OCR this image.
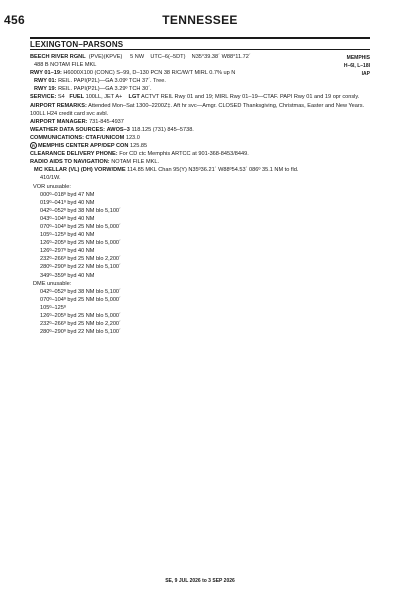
456	TENNESSEE
LEXINGTON–PARSONS
MEMPHIS
H–6I, L–18I
IAP
BEECH RIVER RGNL (PVE)(KPVE) 5 NW UTC–6(–5DT) N35°39.38´ W88°11.72´
488 B NOTAM FILE MKL
RWY 01–19: H6000X100 (CONC) S–99, D–130 PCN 38 R/C/W/T MIRL 0.7% up N
RWY 01: REIL. PAPI(P2L)—GA 3.09º TCH 37´. Tree.
RWY 19: REIL. PAPI(P2L)—GA 3.29º TCH 30´.
SERVICE: S4 FUEL 100LL, JET A+ LGT ACTVT REIL Rwy 01 and 19; MIRL Rwy 01–19—CTAF. PAPI Rwy 01 and 19 opr consly.
AIRPORT REMARKS: Attended Mon–Sat 1300–2200Z‡. Aft hr svc—Amgr. CLOSED Thanksgiving, Christmas, Easter and New Years. 100LL H24 credit card svc avbl.
AIRPORT MANAGER: 731-845-4937
WEATHER DATA SOURCES: AWOS–3 118.125 (731) 845–5738.
COMMUNICATIONS: CTAF/UNICOM 123.0
R MEMPHIS CENTER APP/DEP CON 125.85
CLEARANCE DELIVERY PHONE: For CD ctc Memphis ARTCC at 901-368-8453/8449.
RADIO AIDS TO NAVIGATION: NOTAM FILE MKL.
MC KELLAR (VL) (DH) VORW/DME 114.85 MKL Chan 95(Y) N35º36.21´ W88º54.53´ 086º 35.1 NM to fld.
410/1W.
VOR unusable:
000º–018º byd 47 NM
019º–041º byd 40 NM
042º–052º byd 38 NM blo 5,100´
043º–104º byd 40 NM
070º–104º byd 25 NM blo 5,000´
105º–125º byd 40 NM
126º–205º byd 25 NM blo 5,000´
126º–297º byd 40 NM
232º–266º byd 25 NM blo 2,200´
280º–290º byd 22 NM blo 5,100´
349º–359º byd 40 NM
DME unusable:
042º–052º byd 38 NM blo 5,100´
070º–104º byd 25 NM blo 5,000´
105º–125º
126º–205º byd 25 NM blo 5,000´
232º–266º byd 25 NM blo 2,200´
280º–290º byd 22 NM blo 5,100´
SE, 9 JUL 2026 to 3 SEP 2026
